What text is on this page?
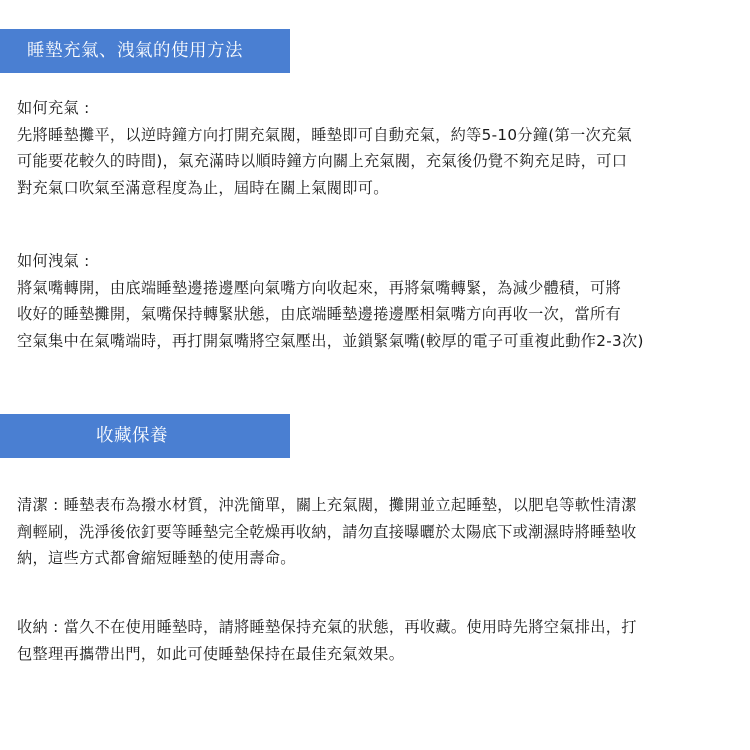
睡墊充氣、洩氣的使用方法
如何充氣 :
先將睡墊攤平，以逆時鐘方向打開充氣閥，睡墊即可自動充氣，約等5-10分鐘(第一次充氣
可能要花較久的時間)，氣充滿時以順時鐘方向關上充氣閥，充氣後仍覺不夠充足時，可口
對充氣口吹氣至滿意程度為止，屆時在關上氣閥即可。
如何洩氣 :
將氣嘴轉開，由底端睡墊邊捲邊壓向氣嘴方向收起來，再將氣嘴轉緊，為減少體積，可將
收好的睡墊攤開，氣嘴保持轉緊狀態，由底端睡墊邊捲邊壓相氣嘴方向再收一次，當所有
空氣集中在氣嘴端時，再打開氣嘴將空氣壓出，並鎖緊氣嘴(較厚的電子可重複此動作2-3次)
收藏保養
清潔 : 睡墊表布為撥水材質，沖洗簡單，關上充氣閥，攤開並立起睡墊，以肥皂等軟性清潔
劑輕刷，洗淨後依釘要等睡墊完全乾燥再收納，請勿直接曝曬於太陽底下或潮濕時將睡墊收
納，這些方式都會縮短睡墊的使用壽命。
收納 : 當久不在使用睡墊時，請將睡墊保持充氣的狀態，再收藏。使用時先將空氣排出，打
包整理再攜帶出門，如此可使睡墊保持在最佳充氣效果。
